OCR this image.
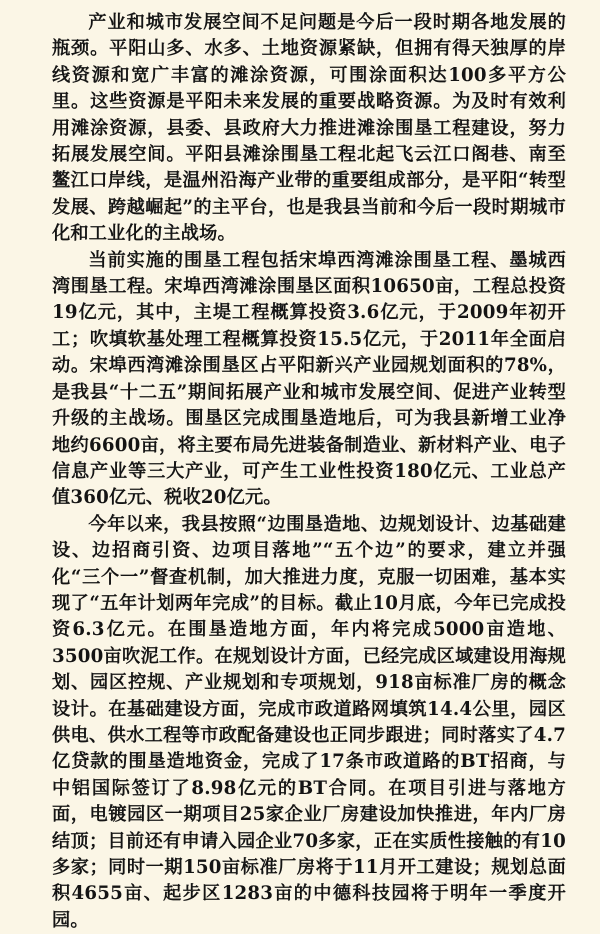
产业和城市发展空间不足问题是今后一段时期各地发展的瓶颈。平阳山多、水多、土地资源紧缺，但拥有得天独厚的岸线资源和宽广丰富的滩涂资源，可围涂面积达100多平方公里。这些资源是平阳未来发展的重要战略资源。为及时有效利用滩涂资源，县委、县政府大力推进滩涂围垦工程建设，努力拓展发展空间。平阳县滩涂围垦工程北起飞云江口阁巷、南至鳌江口岸线，是温州沿海产业带的重要组成部分，是平阳“转型发展、跨越崛起”的主平台，也是我县当前和今后一段时期城市化和工业化的主战场。

当前实施的围垦工程包括宋埠西湾滩涂围垦工程、墨城西湾围垦工程。宋埠西湾滩涂围垦区面积10650亩，工程总投资19亿元，其中，主堤工程概算投资3.6亿元，于2009年初开工；吹填软基处理工程概算投资15.5亿元，于2011年全面启动。宋埠西湾滩涂围垦区占平阳新兴产业园规划面积的78%，是我县“十二五”期间拓展产业和城市发展空间、促进产业转型升级的主战场。围垦区完成围垦造地后，可为我县新增工业净地约6600亩，将主要布局先进装备制造业、新材料产业、电子信息产业等三大产业，可产生工业性投资180亿元、工业总产值360亿元、税收20亿元。

今年以来，我县按照“边围垦造地、边规划设计、边基础建设、边招商引资、边项目落地”“五个边”的要求，建立并强化“三个一”督查机制，加大推进力度，克服一切困难，基本实现了“五年计划两年完成”的目标。截止10月底，今年已完成投资6.3亿元。在围垦造地方面，年内将完成5000亩造地、3500亩吹泥工作。在规划设计方面，已经完成区域建设用海规划、园区控规、产业规划和专项规划，918亩标准厂房的概念设计。在基础建设方面，完成市政道路网填筑14.4公里，园区供电、供水工程等市政配备建设也正同步跟进；同时落实了4.7亿贷款的围垦造地资金，完成了17条市政道路的BT招商，与中铝国际签订了8.98亿元的BT合同。在项目引进与落地方面，电镀园区一期项目25家企业厂房建设加快推进，年内厂房结顶；目前还有申请入园企业70多家，正在实质性接触的有10多家；同时一期150亩标准厂房将于11月开工建设；规划总面积4655亩、起步区1283亩的中德科技园将于明年一季度开园。
